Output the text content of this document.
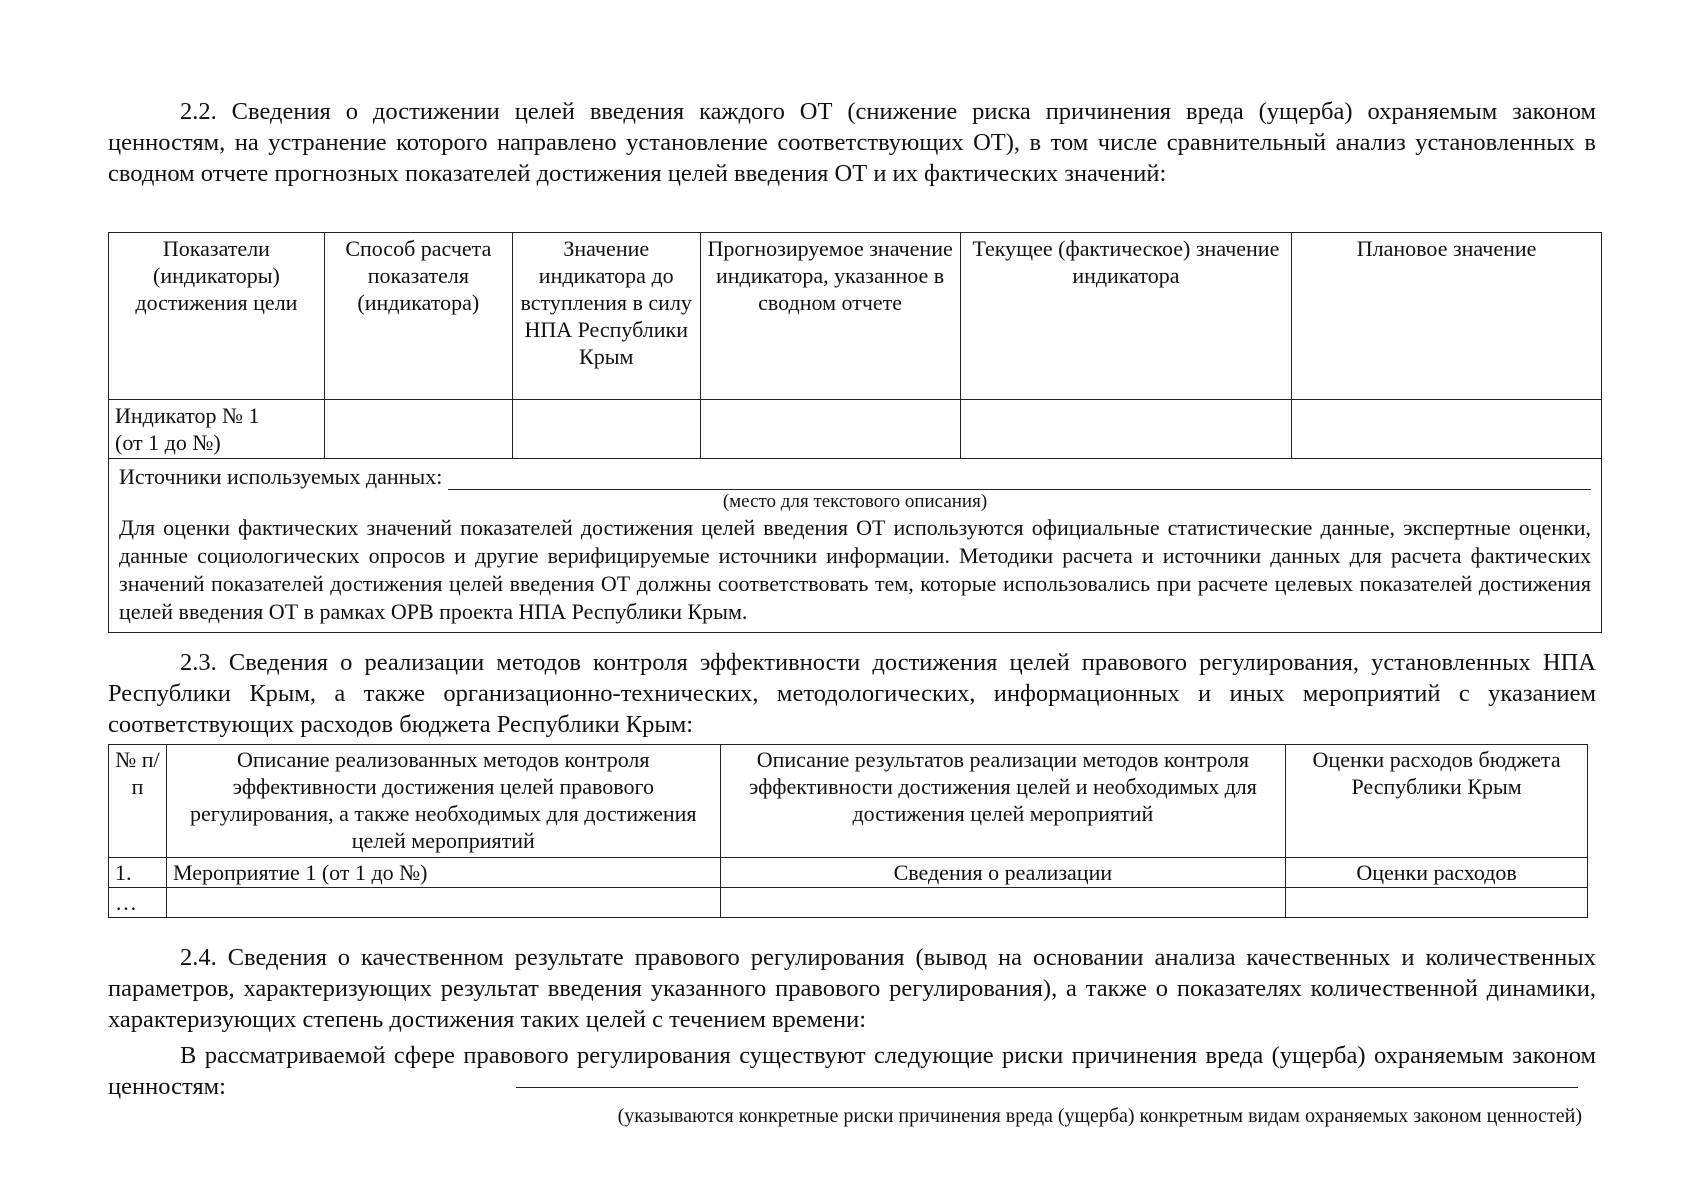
2.2. Сведения о достижении целей введения каждого ОТ (снижение риска причинения вреда (ущерба) охраняемым законом ценностям, на устранение которого направлено установление соответствующих ОТ), в том числе сравнительный анализ установленных в сводном отчете прогнозных показателей достижения целей введения ОТ и их фактических значений:

Показатели (индикаторы) достижения цели	Способ расчета показателя (индикатора)	Значение индикатора до вступления в силу НПА Республики Крым	Прогнозируемое значение индикатора, указанное в сводном отчете	Текущее (фактическое) значение индикатора	Плановое значение

Индикатор № 1
(от 1 до №)					

Источники используемых данных:
(место для текстового описания)
Для оценки фактических значений показателей достижения целей введения ОТ используются официальные статистические данные, экспертные оценки, данные социологических опросов и другие верифицируемые источники информации. Методики расчета и источники данных для расчета фактических значений показателей достижения целей введения ОТ должны соответствовать тем, которые использовались при расчете целевых показателей достижения целей введения ОТ в рамках ОРВ проекта НПА Республики Крым.					

2.3. Сведения о реализации методов контроля эффективности достижения целей правового регулирования, установленных НПА Республики Крым, а также организационно-технических, методологических, информационных и иных мероприятий с указанием соответствующих расходов бюджета Республики Крым:

№ п/п	Описание реализованных методов контроля эффективности достижения целей правового регулирования, а также необходимых для достижения целей мероприятий	Описание результатов реализации методов контроля эффективности достижения целей и необходимых для достижения целей мероприятий	Оценки расходов бюджета Республики Крым
1.	Мероприятие 1 (от 1 до №)	Сведения о реализации	Оценки расходов
…			

2.4. Сведения о качественном результате правового регулирования (вывод на основании анализа качественных и количественных параметров, характеризующих результат введения указанного правового регулирования), а также о показателях количественной динамики, характеризующих степень достижения таких целей с течением времени:

В рассматриваемой сфере правового регулирования существуют следующие риски причинения вреда (ущерба) охраняемым законом ценностям:

(указываются конкретные риски причинения вреда (ущерба) конкретным видам охраняемых законом ценностей)
